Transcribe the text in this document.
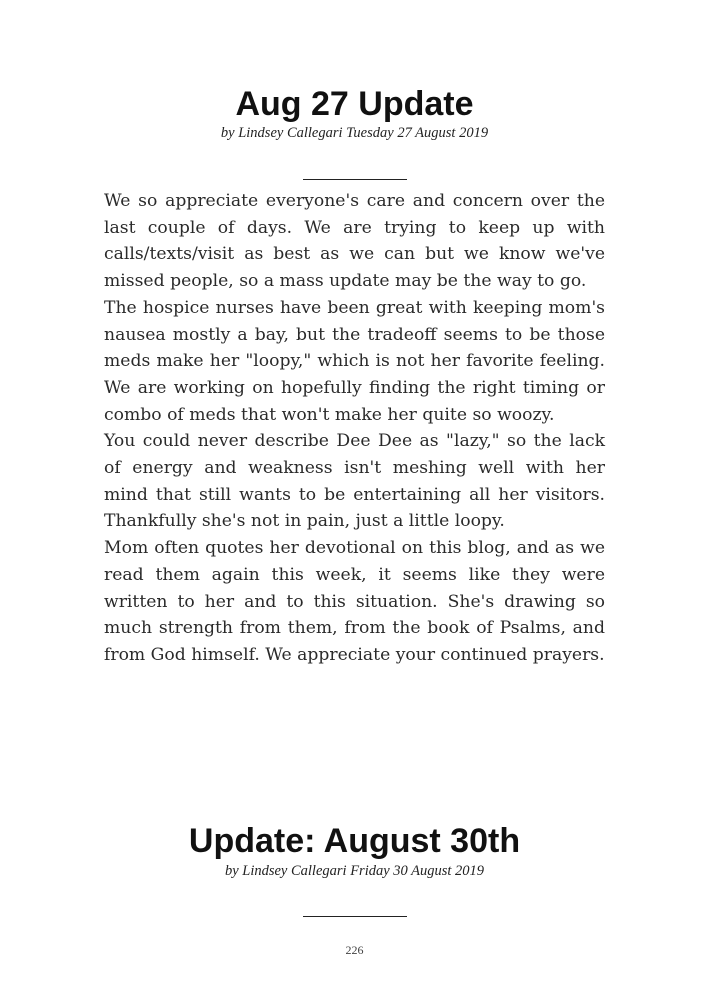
Aug 27 Update
by Lindsey Callegari Tuesday 27 August 2019

We so appreciate everyone's care and concern over the last couple of days. We are trying to keep up with calls/texts/visit as best as we can but we know we've missed people, so a mass update may be the way to go.

The hospice nurses have been great with keeping mom's nausea mostly a bay, but the tradeoff seems to be those meds make her "loopy," which is not her favorite feeling. We are working on hopefully finding the right timing or combo of meds that won't make her quite so woozy.

You could never describe Dee Dee as "lazy," so the lack of energy and weakness isn't meshing well with her mind that still wants to be entertaining all her visitors. Thankfully she's not in pain, just a little loopy.

Mom often quotes her devotional on this blog, and as we read them again this week, it seems like they were written to her and to this situation. She's drawing so much strength from them, from the book of Psalms, and from God himself. We appreciate your continued prayers.

Update: August 30th
by Lindsey Callegari Friday 30 August 2019
226
